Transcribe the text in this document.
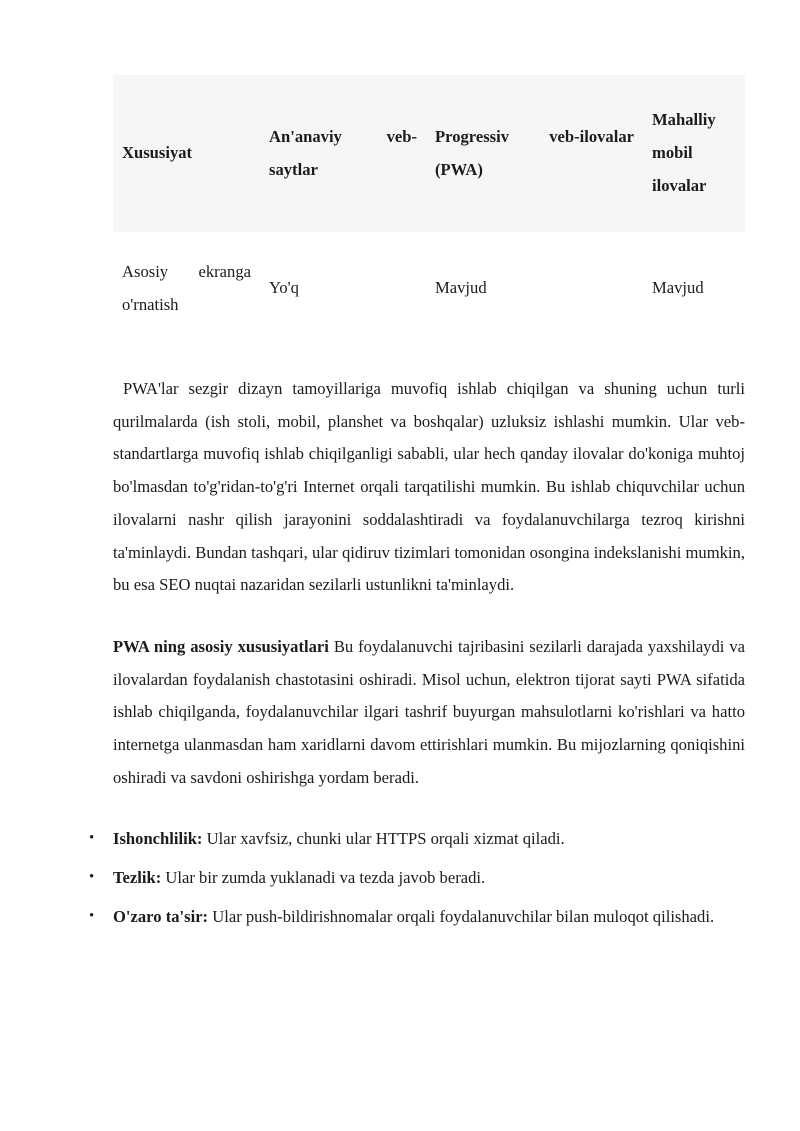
Xususiyat
An'anaviy veb-saytlar
Progressiv veb-ilovalar (PWA)
Mahalliy mobil ilovalar
Asosiy ekranga o'rnatish
Yo'q	Mavjud	Mavjud

PWA'lar sezgir dizayn tamoyillariga muvofiq ishlab chiqilgan va shuning uchun turli qurilmalarda (ish stoli, mobil, planshet va boshqalar) uzluksiz ishlashi mumkin. Ular veb-standartlarga muvofiq ishlab chiqilganligi sababli, ular hech qanday ilovalar do'koniga muhtoj bo'lmasdan to'g'ridan-to'g'ri Internet orqali tarqatilishi mumkin. Bu ishlab chiquvchilar uchun ilovalarni nashr qilish jarayonini soddalashtiradi va foydalanuvchilarga tezroq kirishni ta'minlaydi. Bundan tashqari, ular qidiruv tizimlari tomonidan osongina indekslanishi mumkin, bu esa SEO nuqtai nazaridan sezilarli ustunlikni ta'minlaydi.

PWA ning asosiy xususiyatlari Bu foydalanuvchi tajribasini sezilarli darajada yaxshilaydi va ilovalardan foydalanish chastotasini oshiradi. Misol uchun, elektron tijorat sayti PWA sifatida ishlab chiqilganda, foydalanuvchilar ilgari tashrif buyurgan mahsulotlarni ko'rishlari va hatto internetga ulanmasdan ham xaridlarni davom ettirishlari mumkin. Bu mijozlarning qoniqishini oshiradi va savdoni oshirishga yordam beradi.

• Ishonchlilik: Ular xavfsiz, chunki ular HTTPS orqali xizmat qiladi.
• Tezlik: Ular bir zumda yuklanadi va tezda javob beradi.
• O'zaro ta'sir: Ular push-bildirishnomalar orqali foydalanuvchilar bilan muloqot qilishadi.
